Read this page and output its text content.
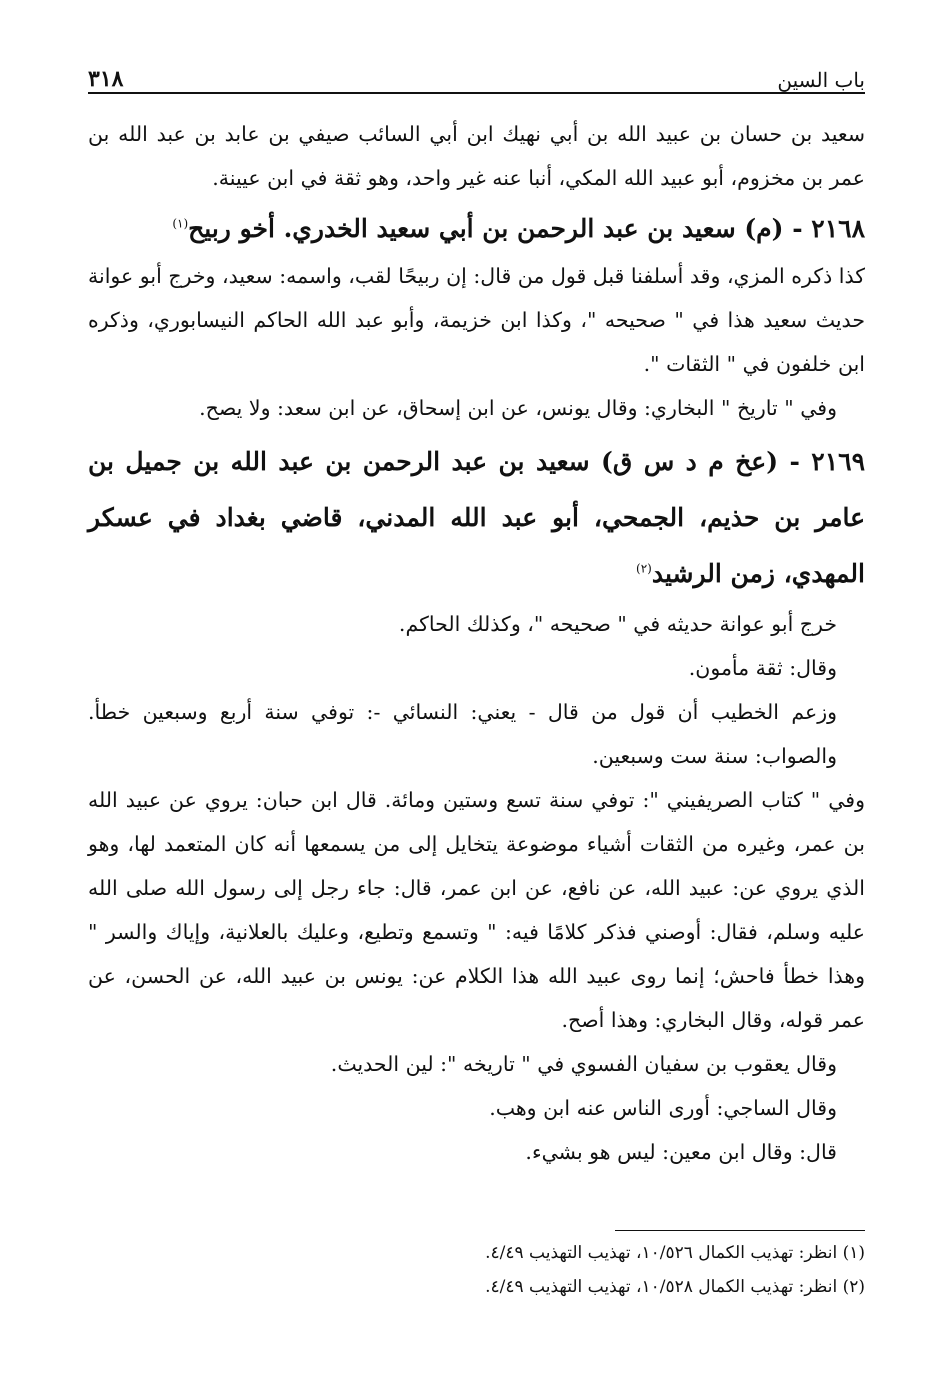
باب السين
٣١٨

سعيد بن حسان بن عبيد الله بن أبي نهيك ابن أبي السائب صيفي بن عابد بن عبد الله بن عمر بن مخزوم، أبو عبيد الله المكي، أنبا عنه غير واحد، وهو ثقة في ابن عيينة.

٢١٦٨ - (م) سعيد بن عبد الرحمن بن أبي سعيد الخدري. أخو ربيح$^{(١)}$

كذا ذكره المزي، وقد أسلفنا قبل قول من قال: إن ربيحًا لقب، واسمه: سعيد، وخرج أبو عوانة حديث سعيد هذا في " صحيحه "، وكذا ابن خزيمة، وأبو عبد الله الحاكم النيسابوري، وذكره ابن خلفون في " الثقات ".

وفي " تاريخ " البخاري: وقال يونس، عن ابن إسحاق، عن ابن سعد: ولا يصح.

٢١٦٩ - (عخ م د س ق) سعيد بن عبد الرحمن بن عبد الله بن جميل بن عامر بن حذيم، الجمحي، أبو عبد الله المدني، قاضي بغداد في عسكر المهدي، زمن الرشيد$^{(٢)}$

خرج أبو عوانة حديثه في " صحيحه "، وكذلك الحاكم.

وقال: ثقة مأمون.

وزعم الخطيب أن قول من قال - يعني: النسائي -: توفي سنة أربع وسبعين خطأ. والصواب: سنة ست وسبعين.

وفي " كتاب الصريفيني ": توفي سنة تسع وستين ومائة. قال ابن حبان: يروي عن عبيد الله بن عمر، وغيره من الثقات أشياء موضوعة يتخايل إلى من يسمعها أنه كان المتعمد لها، وهو الذي يروي عن: عبيد الله، عن نافع، عن ابن عمر، قال: جاء رجل إلى رسول الله صلى الله عليه وسلم، فقال: أوصني فذكر كلامًا فيه: " وتسمع وتطيع، وعليك بالعلانية، وإياك والسر " وهذا خطأ فاحش؛ إنما روى عبيد الله هذا الكلام عن: يونس بن عبيد الله، عن الحسن، عن عمر قوله، وقال البخاري: وهذا أصح.

وقال يعقوب بن سفيان الفسوي في " تاريخه ": لين الحديث.

وقال الساجي: أورى الناس عنه ابن وهب.

قال: وقال ابن معين: ليس هو بشيء.

(١) انظر: تهذيب الكمال ١٠/٥٢٦، تهذيب التهذيب ٤/٤٩.
(٢) انظر: تهذيب الكمال ١٠/٥٢٨، تهذيب التهذيب ٤/٤٩.
